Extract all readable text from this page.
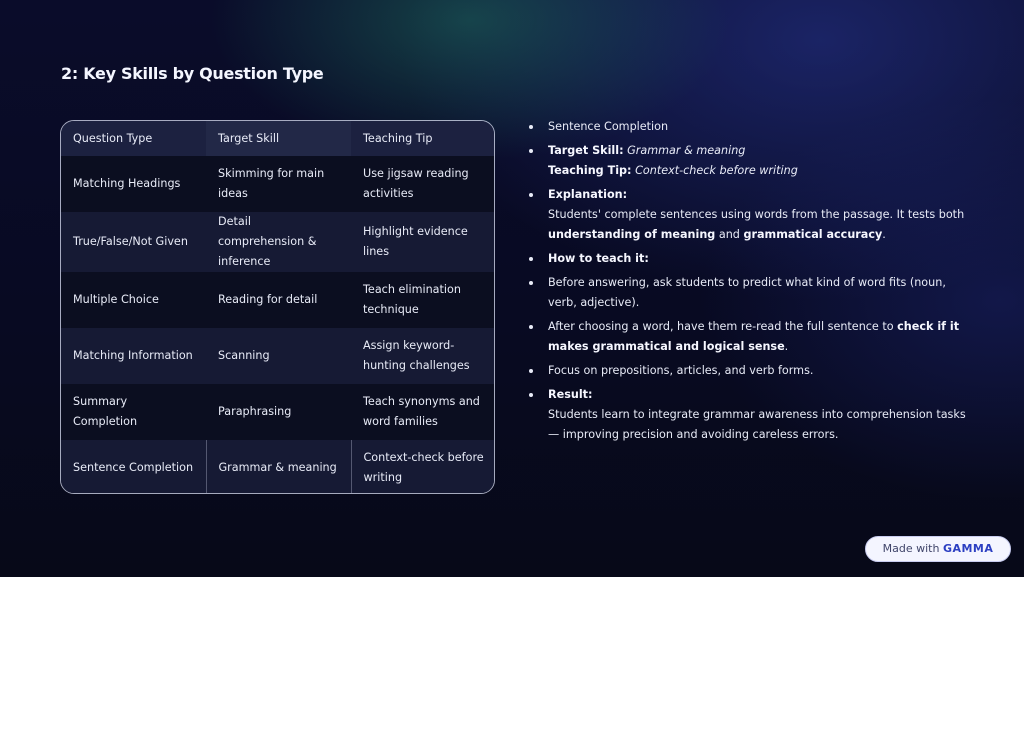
2: Key Skills by Question Type
Question Type	Target Skill	Teaching Tip
Matching Headings	Skimming for main ideas	Use jigsaw reading activities
True/False/Not Given	Detail comprehension & inference	Highlight evidence lines
Multiple Choice	Reading for detail	Teach elimination technique
Matching Information	Scanning	Assign keyword-hunting challenges
Summary Completion	Paraphrasing	Teach synonyms and word families
Sentence Completion	Grammar & meaning	Context-check before writing
Sentence Completion
Target Skill: Grammar & meaning
Teaching Tip: Context-check before writing
Explanation:
Students' complete sentences using words from the passage. It tests both understanding of meaning and grammatical accuracy.
How to teach it:
Before answering, ask students to predict what kind of word fits (noun, verb, adjective).
After choosing a word, have them re-read the full sentence to check if it makes grammatical and logical sense.
Focus on prepositions, articles, and verb forms.
Result:
Students learn to integrate grammar awareness into comprehension tasks — improving precision and avoiding careless errors.
Made with GAMMA
